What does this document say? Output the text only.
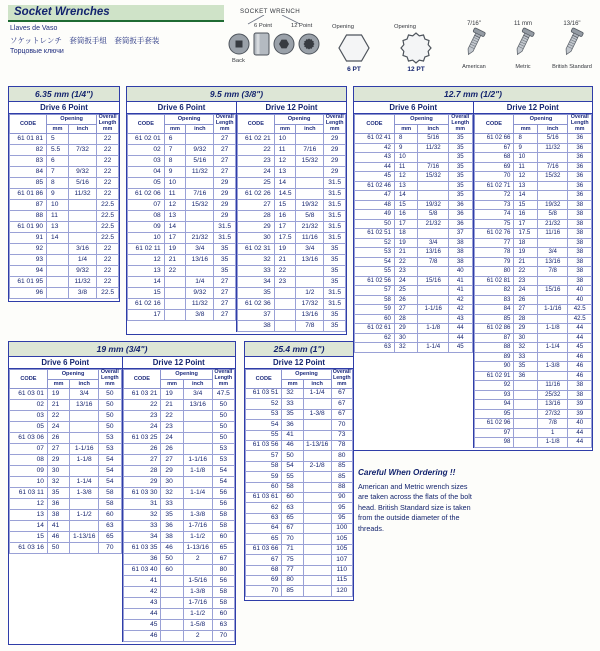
Socket Wrenches
Llaves de Vaso
ソケットレンチ　套筒扳手組　套筒扳手套装
Торцовые ключи
SOCKET WRENCH
6 Point	12 Point
Back
Opening
6 PT
Opening
12 PT
7/16"
American
11 mm
Metric
13/16"
British Standard
6.35 mm (1/4")
Drive 6 Point
CODE	Opening		Overall Length mm
	mm	inch	
61 01 81	5		22
82	5.5	7/32	22
83	6		22
84	7	9/32	22
85	8	5/16	22
61 01 86	9	11/32	22
87	10		22.5
88	11		22.5
61 01 90	13		22.5
91	14		22.5
92		3/16	22
93		1/4	22
94		9/32	22
61 01 95		11/32	22
96		3/8	22.5
9.5 mm (3/8")
Drive 6 Point
CODE	Opening		Overall Length mm
	mm	inch	
61 02 01	6		27
02	7	9/32	27
03	8	5/16	27
04	9	11/32	27
05	10		29
61 02 06	11	7/16	29
07	12	15/32	29
08	13		29
09	14		31.5
10	17	21/32	31.5
61 02 11	19	3/4	35
12	21	13/16	35
13	22		35
14		1/4	27
15		9/32	27
61 02 16		11/32	27
17		3/8	27
Drive 12 Point
CODE	Opening		Overall Length mm
	mm	inch	
61 02 21	10		29
22	11	7/16	29
23	12	15/32	29
24	13		29
25	14		31.5
61 02 26	14.5		31.5
27	15	19/32	31.5
28	16	5/8	31.5
29	17	21/32	31.5
30	17.5	11/16	31.5
61 02 31	19	3/4	35
32	21	13/16	35
33	22		35
34	23		35
35		1/2	31.5
61 02 36		17/32	31.5
37		13/16	35
38		7/8	35
12.7 mm (1/2")
Drive 6 Point
CODE	Opening		Overall Length mm
	mm	inch	
61 02 41	8	5/16	35
42	9	11/32	35
43	10		35
44	11	7/16	35
45	12	15/32	35
61 02 46	13		35
47	14		35
48	15	19/32	36
49	16	5/8	36
50	17	21/32	36
61 02 51	18		37
52	19	3/4	38
53	21	13/16	38
54	22	7/8	38
55	23		40
61 02 56	24	15/16	41
57	25		41
58	26		42
59	27	1-1/16	42
60	28		43
61 02 61	29	1-1/8	44
62	30		44
63	32	1-1/4	45
Drive 12 Point
CODE	Opening		Overall Length mm
	mm	inch	
61 02 66	8	5/16	36
67	9	11/32	36
68	10		36
69	11	7/16	36
70	12	15/32	36
61 02 71	13		36
72	14		36
73	15	19/32	38
74	16	5/8	38
75	17	21/32	38
61 02 76	17.5	11/16	38
77	18		38
78	19	3/4	38
79	21	13/16	38
80	22	7/8	38
61 02 81	23		38
82	24	15/16	40
83	26		40
84	27	1-1/16	42.5
85	28		42.5
61 02 86	29	1-1/8	44
87	30		44
88	32	1-1/4	45
89	33		46
90	35	1-3/8	46
61 02 91	36		46
92		11/16	38
93		25/32	38
94		13/16	39
95		27/32	39
61 02 96		7/8	40
97		1	44
98		1-1/8	44
19 mm (3/4")
Drive 6 Point
CODE	Opening		Overall Length mm
	mm	inch	
61 03 01	19	3/4	50
02	21	13/16	50
03	22		50
05	24		50
61 03 06	26		53
07	27	1-1/16	53
08	29	1-1/8	54
09	30		54
10	32	1-1/4	54
61 03 11	35	1-3/8	58
12	36		58
13	38	1-1/2	60
14	41		63
15	46	1-13/16	65
61 03 16	50		70
Drive 12 Point
CODE	Opening		Overall Length mm
	mm	inch	
61 03 21	19	3/4	47.5
22	21	13/16	50
23	22		50
24	23		50
61 03 25	24		50
26	26		53
27	27	1-1/16	53
28	29	1-1/8	54
29	30		54
61 03 30	32	1-1/4	56
31	33		56
32	35	1-3/8	58
33	36	1-7/16	58
34	38	1-1/2	60
61 03 35	46	1-13/16	65
36	50	2	67
61 03 40	60		80
41		1-5/16	56
42		1-3/8	58
43		1-7/16	58
44		1-1/2	60
45		1-5/8	63
46		2	70
25.4 mm (1")
Drive 12 Point
CODE	Opening		Overall Length mm
	mm	inch	
61 03 51	32	1-1/4	67
52	33		67
53	35	1-3/8	67
54	36		70
55	41		73
61 03 56	46	1-13/16	78
57	50		80
58	54	2-1/8	85
59	55		85
60	58		88
61 03 61	60		90
62	63		95
63	65		95
64	67		100
65	70		105
61 03 66	71		105
67	75		107
68	77		110
69	80		115
70	85		120
Careful When Ordering !!
American and Metric wrench sizes are taken across the flats of the bolt head. British Standard size is taken from the outside diameter of the threads.
